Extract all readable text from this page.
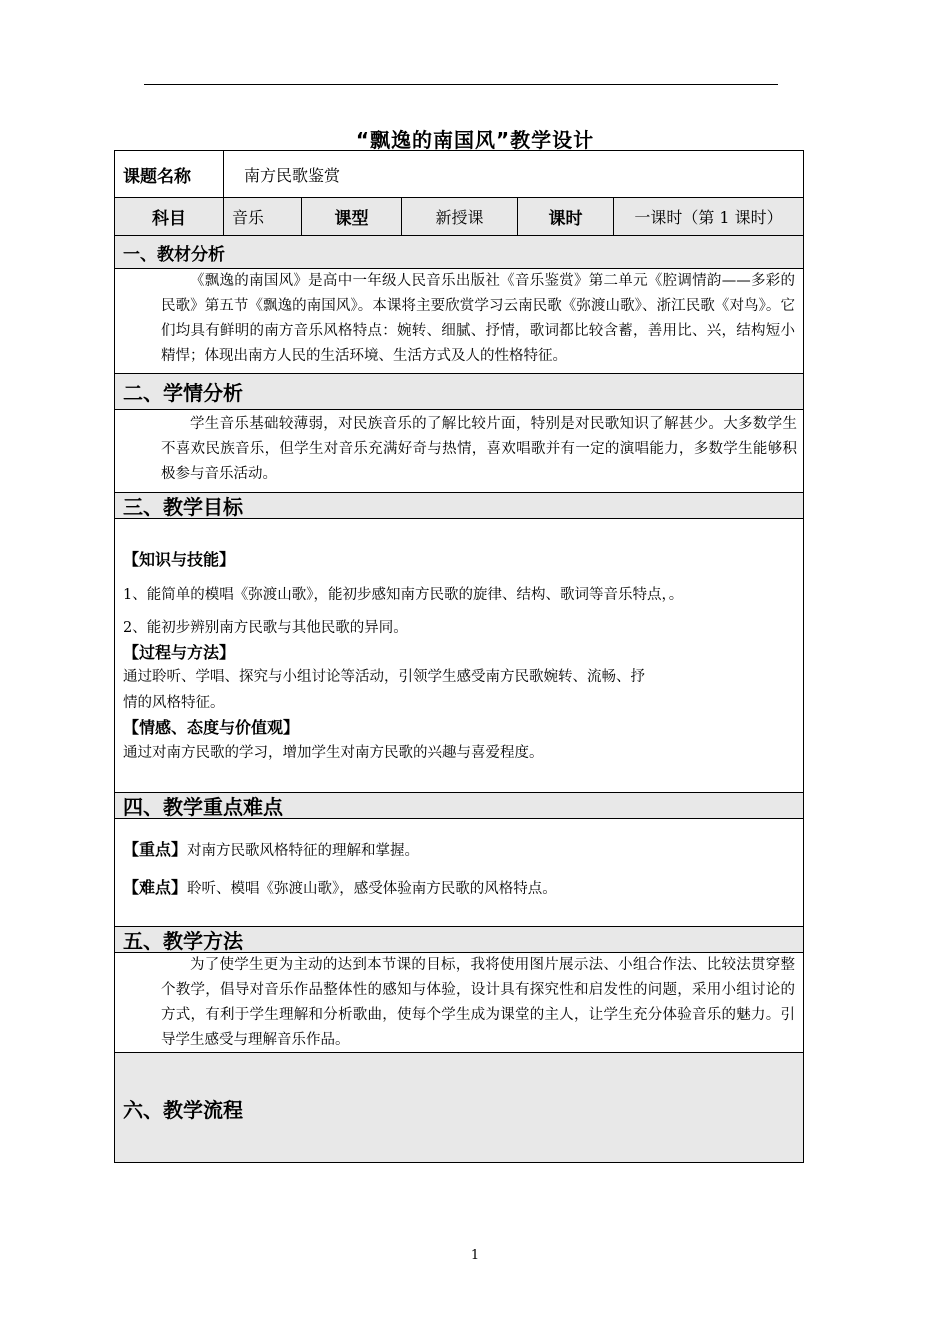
“飘逸的南国风”教学设计
课题名称	南方民歌鉴赏
科目	音乐	课型	新授课	课时	一课时（第 1 课时）
一、教材分析
《飘逸的南国风》是高中一年级人民音乐出版社《音乐鉴赏》第二单元《腔调情韵——多彩的民歌》第五节《飘逸的南国风》。本课将主要欣赏学习云南民歌《弥渡山歌》、浙江民歌《对鸟》。它们均具有鲜明的南方音乐风格特点：婉转、细腻、抒情，歌词都比较含蓄，善用比、兴，结构短小精悍；体现出南方人民的生活环境、生活方式及人的性格特征。
二、学情分析
学生音乐基础较薄弱，对民族音乐的了解比较片面，特别是对民歌知识了解甚少。大多数学生不喜欢民族音乐，但学生对音乐充满好奇与热情，喜欢唱歌并有一定的演唱能力，多数学生能够积极参与音乐活动。
三、教学目标
【知识与技能】
1、能简单的模唱《弥渡山歌》，能初步感知南方民歌的旋律、结构、歌词等音乐特点，。
2、能初步辨别南方民歌与其他民歌的异同。
【过程与方法】
通过聆听、学唱、探究与小组讨论等活动，引领学生感受南方民歌婉转、流畅、抒
情的风格特征。
【情感、态度与价值观】
通过对南方民歌的学习，增加学生对南方民歌的兴趣与喜爱程度。
四、教学重点难点
【重点】对南方民歌风格特征的理解和掌握。
【难点】聆听、模唱《弥渡山歌》，感受体验南方民歌的风格特点。
五、教学方法
为了使学生更为主动的达到本节课的目标，我将使用图片展示法、小组合作法、比较法贯穿整个教学，倡导对音乐作品整体性的感知与体验，设计具有探究性和启发性的问题，采用小组讨论的方式，有利于学生理解和分析歌曲，使每个学生成为课堂的主人，让学生充分体验音乐的魅力。引导学生感受与理解音乐作品。
六、教学流程
1
